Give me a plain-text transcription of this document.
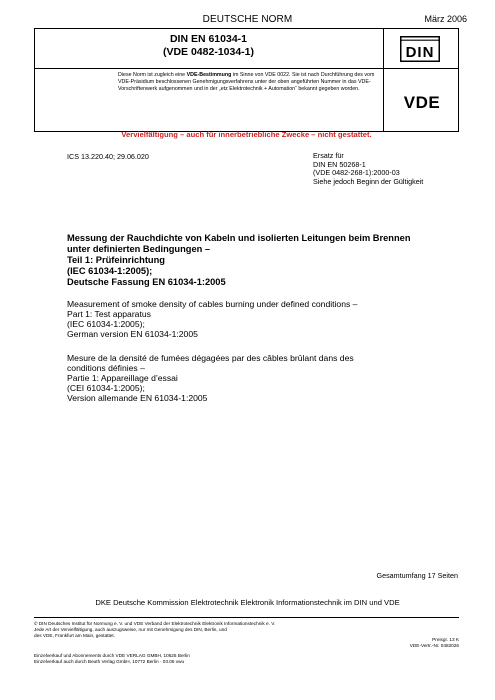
DEUTSCHE NORM	März 2006
DIN EN 61034-1
(VDE 0482-1034-1)	DIN
VDE
Diese Norm ist zugleich eine VDE-Bestimmung im Sinne von VDE 0022. Sie ist nach Durchführung des vom VDE-Präsidium beschlossenen Genehmigungsverfahrens unter der oben angeführten Nummer in das VDE-Vorschriftenwerk aufgenommen und in der „etz Elektrotechnik + Automation“ bekannt gegeben worden.
Vervielfältigung – auch für innerbetriebliche Zwecke – nicht gestattet.
ICS 13.220.40; 29.06.020	Ersatz für
DIN EN 50268-1
(VDE 0482-268-1):2000-03
Siehe jedoch Beginn der Gültigkeit
Messung der Rauchdichte von Kabeln und isolierten Leitungen beim Brennen
unter definierten Bedingungen –
Teil 1: Prüfeinrichtung
(IEC 61034-1:2005);
Deutsche Fassung EN 61034-1:2005
Measurement of smoke density of cables burning under defined conditions –
Part 1: Test apparatus
(IEC 61034-1:2005);
German version EN 61034-1:2005
Mesure de la densité de fumées dégagées par des câbles brûlant dans des
conditions définies –
Partie 1: Appareillage d’essai
(CEI 61034-1:2005);
Version allemande EN 61034-1:2005
Gesamtumfang 17 Seiten
DKE Deutsche Kommission Elektrotechnik Elektronik Informationstechnik im DIN und VDE
© DIN Deutsches Institut für Normung e. V. und VDE Verband der Elektrotechnik Elektronik Informationstechnik e. V.
Jede Art der Vervielfältigung, auch auszugsweise, nur mit Genehmigung des DIN, Berlin, und
des VDE, Frankfurt am Main, gestattet.
Preisgr. 13 K
VDE-Vertr.-Nr. 0482026
Einzelverkauf und Abonnements durch VDE VERLAG GMBH, 10625 Berlin
Einzelverkauf auch durch Beuth Verlag GmbH, 10772 Berlin · 03.06 vwu
